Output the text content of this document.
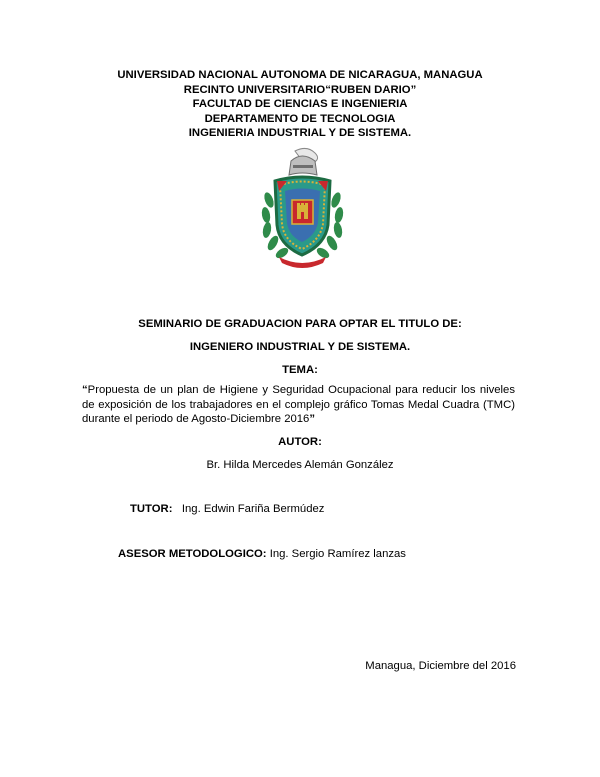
UNIVERSIDAD NACIONAL AUTONOMA DE NICARAGUA, MANAGUA
RECINTO UNIVERSITARIO“RUBEN DARIO”
FACULTAD DE CIENCIAS E INGENIERIA
DEPARTAMENTO DE TECNOLOGIA
INGENIERIA INDUSTRIAL Y DE SISTEMA.
SEMINARIO DE GRADUACION PARA OPTAR EL TITULO DE:
INGENIERO INDUSTRIAL Y DE SISTEMA.
TEMA:
“Propuesta de un plan de Higiene y Seguridad Ocupacional para reducir los niveles de exposición de los trabajadores en el complejo gráfico Tomas Medal Cuadra (TMC) durante el periodo de Agosto-Diciembre 2016”
AUTOR:
Br. Hilda Mercedes Alemán González
TUTOR: Ing. Edwin Fariña Bermúdez
ASESOR METODOLOGICO: Ing. Sergio Ramírez lanzas
Managua, Diciembre del 2016
